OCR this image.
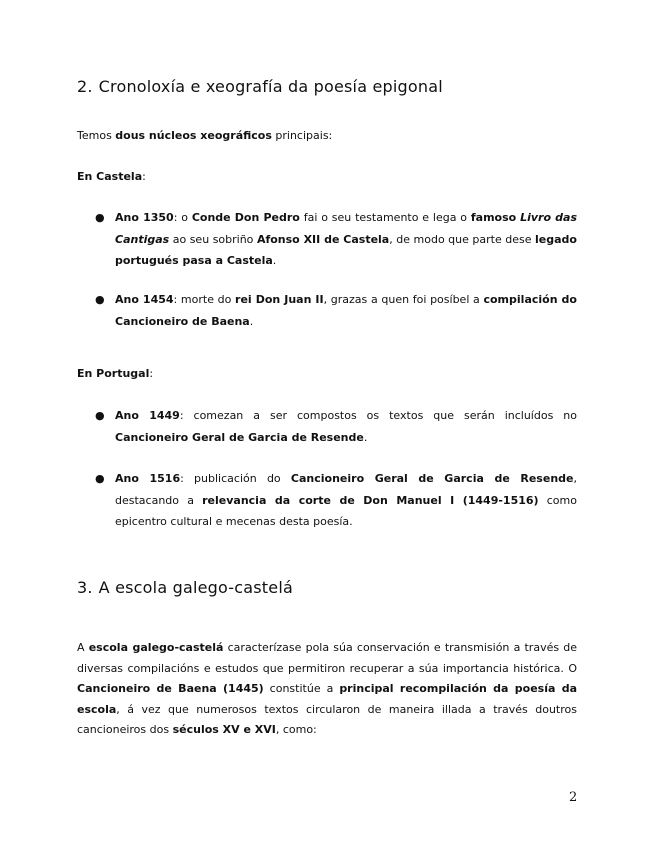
2. Cronoloxía e xeografía da poesía epigonal

Temos dous núcleos xeográficos principais:

En Castela:

● Ano 1350: o Conde Don Pedro fai o seu testamento e lega o famoso Livro das Cantigas ao seu sobriño Afonso XII de Castela, de modo que parte dese legado portugués pasa a Castela.
● Ano 1454: morte do rei Don Juan II, grazas a quen foi posíbel a compilación do Cancioneiro de Baena.

En Portugal:

● Ano 1449: comezan a ser compostos os textos que serán incluídos no Cancioneiro Geral de Garcia de Resende.
● Ano 1516: publicación do Cancioneiro Geral de Garcia de Resende, destacando a relevancia da corte de Don Manuel I (1449-1516) como epicentro cultural e mecenas desta poesía.
3. A escola galego-castelá

A escola galego-castelá caracterízase pola súa conservación e transmisión a través de diversas compilacións e estudos que permitiron recuperar a súa importancia histórica. O Cancioneiro de Baena (1445) constitúe a principal recompilación da poesía da escola, á vez que numerosos textos circularon de maneira illada a través doutros cancioneiros dos séculos XV e XVI, como:

2
